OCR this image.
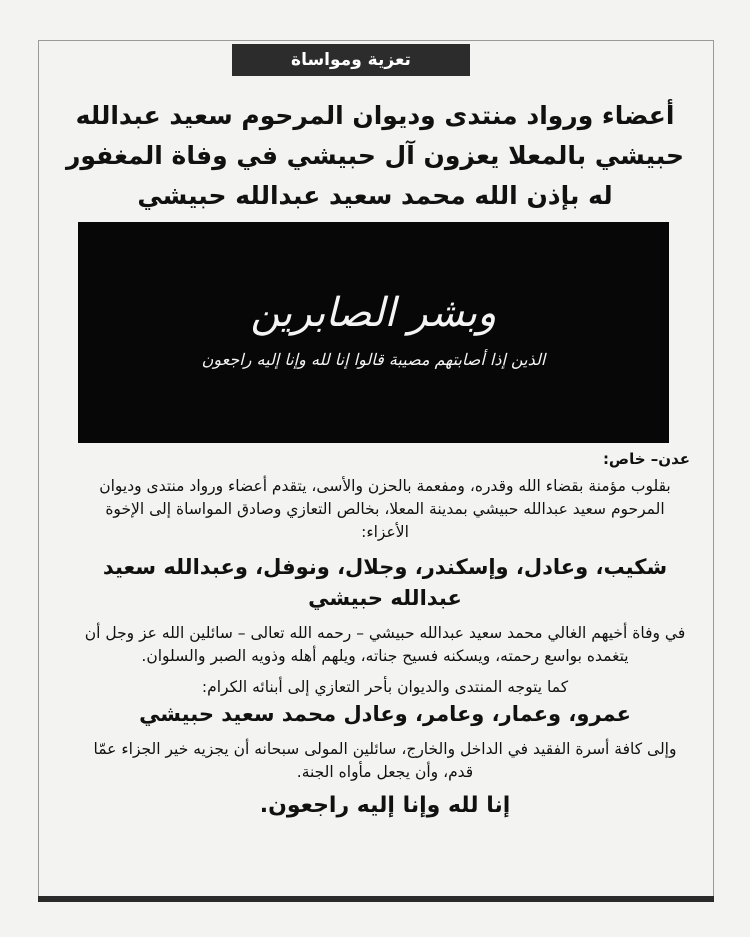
تعزية ومواساة
أعضاء ورواد منتدى وديوان المرحوم سعيد عبدالله حبيشي بالمعلا يعزون آل حبيشي في وفاة المغفور له بإذن الله محمد سعيد عبدالله حبيشي
وبشر الصابرين
الذين إذا أصابتهم مصيبة قالوا إنا لله وإنا إليه راجعون
عدن– خاص:
بقلوب مؤمنة بقضاء الله وقدره، ومفعمة بالحزن والأسى، يتقدم أعضاء ورواد منتدى وديوان المرحوم سعيد عبدالله حبيشي بمدينة المعلا، بخالص التعازي وصادق المواساة إلى الإخوة الأعزاء:
شكيب، وعادل، وإسكندر، وجلال، ونوفل، وعبدالله سعيد عبدالله حبيشي
في وفاة أخيهم الغالي محمد سعيد عبدالله حبيشي – رحمه الله تعالى – سائلين الله عز وجل أن يتغمده بواسع رحمته، ويسكنه فسيح جناته، ويلهم أهله وذويه الصبر والسلوان.
كما يتوجه المنتدى والديوان بأحر التعازي إلى أبنائه الكرام:
عمرو، وعمار، وعامر، وعادل محمد سعيد حبيشي
وإلى كافة أسرة الفقيد في الداخل والخارج، سائلين المولى سبحانه أن يجزيه خير الجزاء عمّا قدم، وأن يجعل مأواه الجنة.
إنا لله وإنا إليه راجعون.
